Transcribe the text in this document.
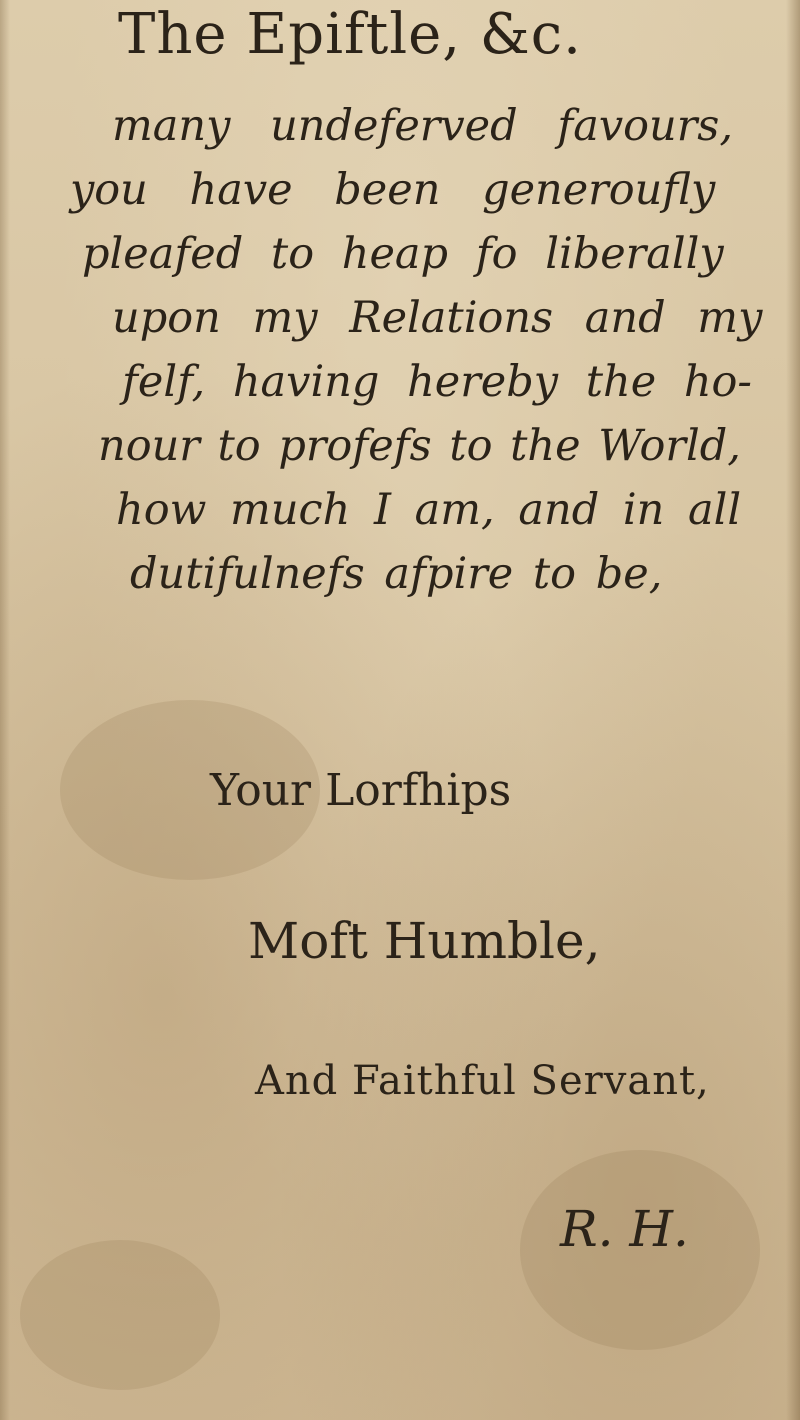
The Epiftle, &c.
many undeferved favours,
you have been generoufly
pleafed to heap fo liberally
upon my Relations and my
felf, having hereby the ho-
nour to profefs to the World,
how much I am, and in all
dutifulnefs afpire to be,
Your Lorfhips
Moft Humble,
And Faithful Servant,
R. H.
